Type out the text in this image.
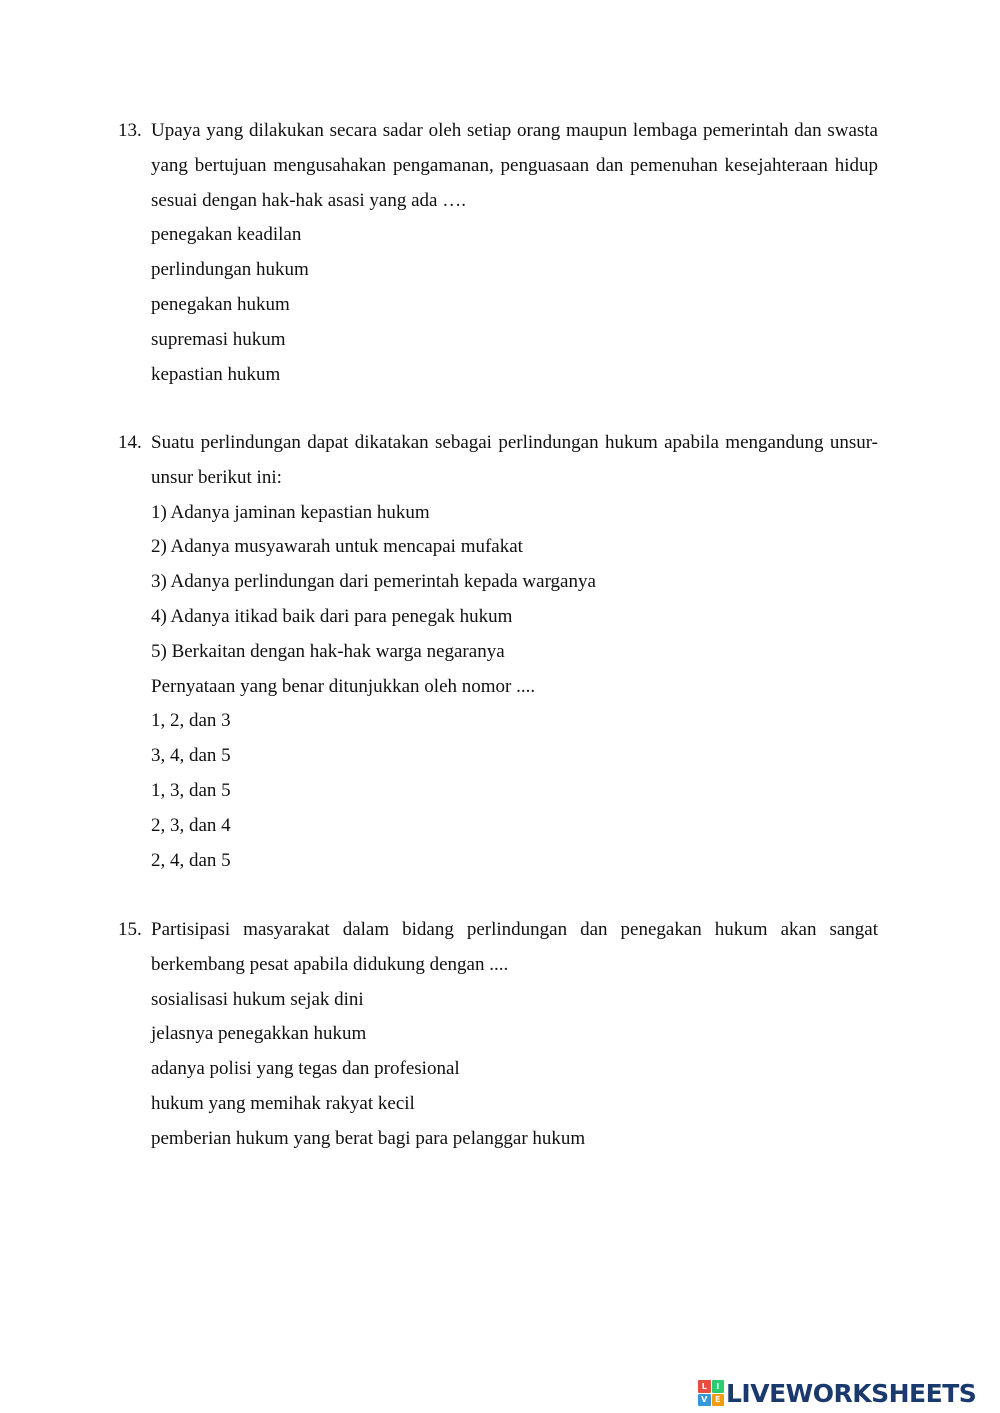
13. Upaya yang dilakukan secara sadar oleh setiap orang maupun lembaga pemerintah dan swasta yang bertujuan mengusahakan pengamanan, penguasaan dan pemenuhan kesejahteraan hidup sesuai dengan hak-hak asasi yang ada ….
penegakan keadilan
perlindungan hukum
penegakan hukum
supremasi hukum
kepastian hukum
14. Suatu perlindungan dapat dikatakan sebagai perlindungan hukum apabila mengandung unsur-unsur berikut ini:
1) Adanya jaminan kepastian hukum
2) Adanya musyawarah untuk mencapai mufakat
3) Adanya perlindungan dari pemerintah kepada warganya
4) Adanya itikad baik dari para penegak hukum
5) Berkaitan dengan hak-hak warga negaranya
Pernyataan yang benar ditunjukkan oleh nomor ....
1, 2, dan 3
3, 4, dan 5
1, 3, dan 5
2, 3, dan 4
2, 4, dan 5
15. Partisipasi masyarakat dalam bidang perlindungan dan penegakan hukum akan sangat berkembang pesat apabila didukung dengan ....
sosialisasi hukum sejak dini
jelasnya penegakkan hukum
adanya polisi yang tegas dan profesional
hukum yang memihak rakyat kecil
pemberian hukum yang berat bagi para pelanggar hukum
L	I
V E LIVEWORKSHEETS
